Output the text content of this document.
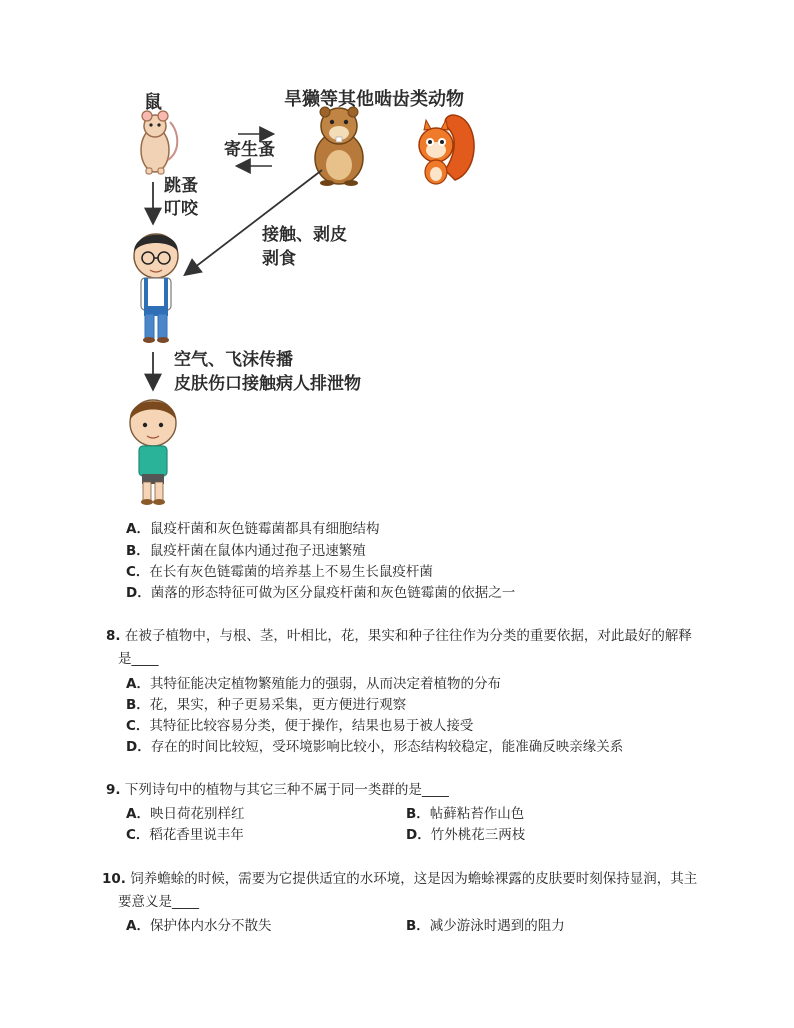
鼠	旱獭等其他啮齿类动物
寄生蚤
跳蚤
叮咬
接触、剥皮
剥食
空气、飞沫传播
皮肤伤口接触病人排泄物
A．鼠疫杆菌和灰色链霉菌都具有细胞结构
B．鼠疫杆菌在鼠体内通过孢子迅速繁殖
C．在长有灰色链霉菌的培养基上不易生长鼠疫杆菌
D．菌落的形态特征可做为区分鼠疫杆菌和灰色链霉菌的依据之一
8. 在被子植物中，与根、茎，叶相比，花，果实和种子往往作为分类的重要依据，对此最好的解释
是____
A．其特征能决定植物繁殖能力的强弱，从而决定着植物的分布
B．花，果实，种子更易采集，更方便进行观察
C．其特征比较容易分类，便于操作，结果也易于被人接受
D．存在的时间比较短，受环境影响比较小，形态结构较稳定，能准确反映亲缘关系
9. 下列诗句中的植物与其它三种不属于同一类群的是____
A．映日荷花别样红	B．帖藓粘苔作山色
C．稻花香里说丰年	D．竹外桃花三两枝
10. 饲养蟾蜍的时候，需要为它提供适宜的水环境，这是因为蟾蜍裸露的皮肤要时刻保持显润，其主
要意义是____
A．保护体内水分不散失	B．减少游泳时遇到的阻力
